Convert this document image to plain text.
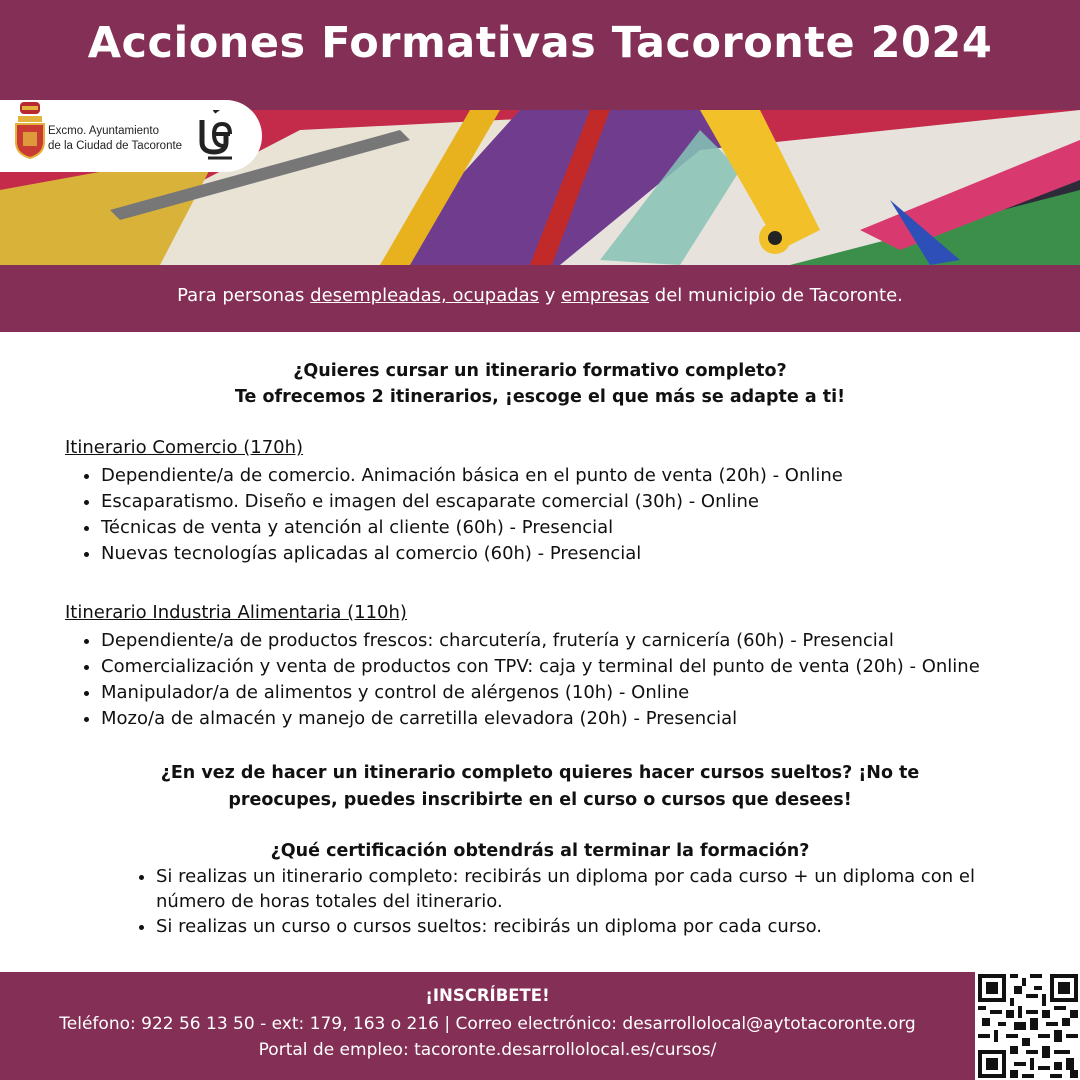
Acciones Formativas Tacoronte 2024
Excmo. Ayuntamiento
de la Ciudad de Tacoronte
Para personas desempleadas, ocupadas y empresas del municipio de Tacoronte.
¿Quieres cursar un itinerario formativo completo?
Te ofrecemos 2 itinerarios, ¡escoge el que más se adapte a ti!
Itinerario Comercio (170h)
• Dependiente/a de comercio. Animación básica en el punto de venta (20h) - Online
• Escaparatismo. Diseño e imagen del escaparate comercial (30h) - Online
• Técnicas de venta y atención al cliente (60h) - Presencial
• Nuevas tecnologías aplicadas al comercio (60h) - Presencial
Itinerario Industria Alimentaria (110h)
• Dependiente/a de productos frescos: charcutería, frutería y carnicería (60h) - Presencial
• Comercialización y venta de productos con TPV: caja y terminal del punto de venta (20h) - Online
• Manipulador/a de alimentos y control de alérgenos (10h) - Online
• Mozo/a de almacén y manejo de carretilla elevadora (20h) - Presencial
¿En vez de hacer un itinerario completo quieres hacer cursos sueltos? ¡No te
preocupes, puedes inscribirte en el curso o cursos que desees!
¿Qué certificación obtendrás al terminar la formación?
• Si realizas un itinerario completo: recibirás un diploma por cada curso + un diploma con el número de horas totales del itinerario.
• Si realizas un curso o cursos sueltos: recibirás un diploma por cada curso.
¡INSCRÍBETE!
Teléfono: 922 56 13 50 - ext: 179, 163 o 216 | Correo electrónico: desarrollolocal@aytotacoronte.org
Portal de empleo: tacoronte.desarrollolocal.es/cursos/
